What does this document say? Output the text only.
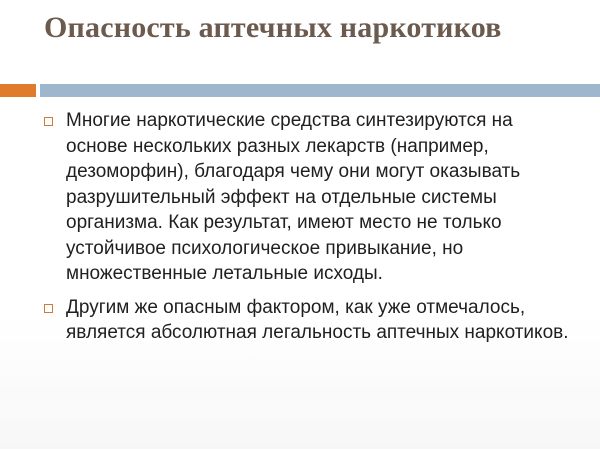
Опасность аптечных наркотиков
Многие наркотические средства синтезируются на основе нескольких разных лекарств (например, дезоморфин), благодаря чему они могут оказывать разрушительный эффект на отдельные системы организма. Как результат, имеют место не только устойчивое психологическое привыкание, но множественные летальные исходы.
Другим же опасным фактором, как уже отмечалось, является абсолютная легальность аптечных наркотиков.
